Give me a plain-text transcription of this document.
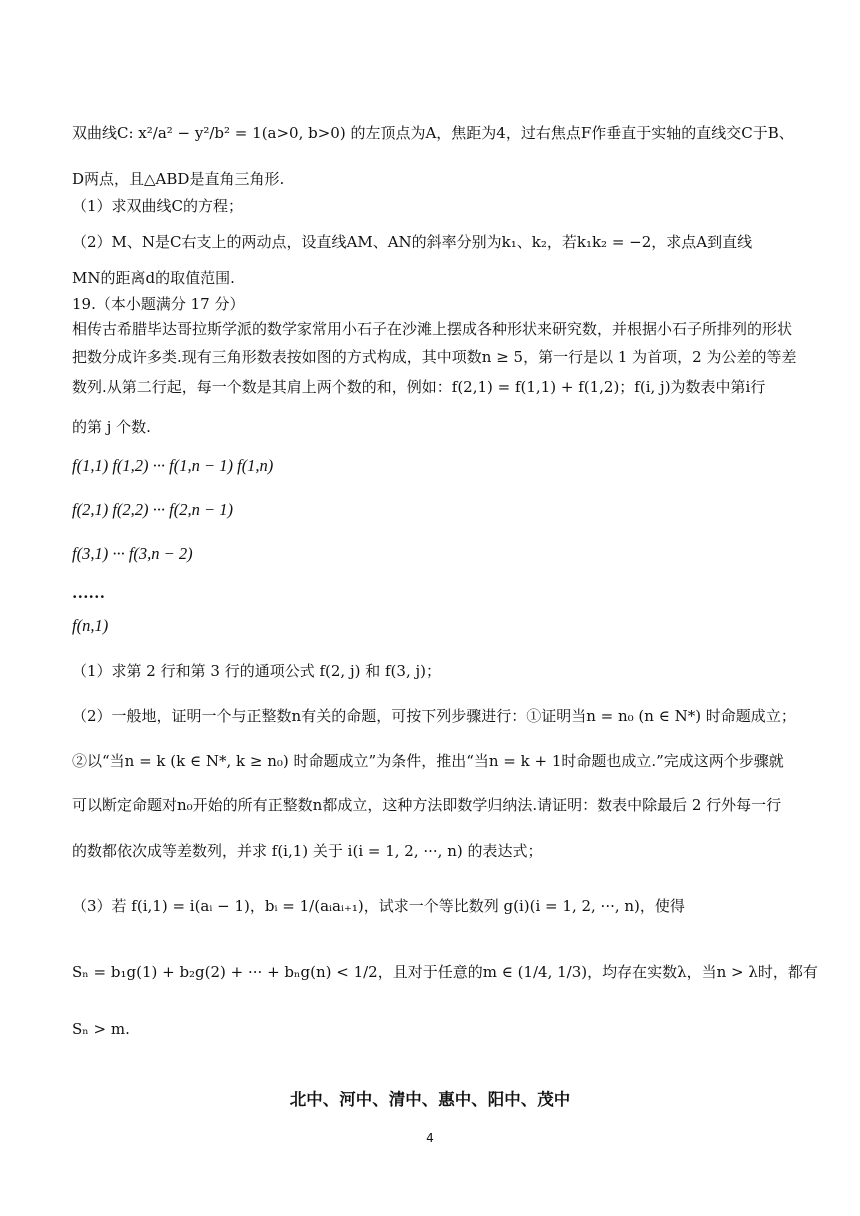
双曲线C: x²/a² − y²/b² = 1(a>0, b>0) 的左顶点为A，焦距为4，过右焦点F作垂直于实轴的直线交C于B、
D两点，且△ABD是直角三角形.
（1）求双曲线C的方程；
（2）M、N是C右支上的两动点，设直线AM、AN的斜率分别为k₁、k₂，若k₁k₂ = −2，求点A到直线
MN的距离d的取值范围.
19.（本小题满分 17 分）
相传古希腊毕达哥拉斯学派的数学家常用小石子在沙滩上摆成各种形状来研究数，并根据小石子所排列的形状
把数分成许多类.现有三角形数表按如图的方式构成，其中项数n ≥ 5，第一行是以 1 为首项，2 为公差的等差
数列.从第二行起，每一个数是其肩上两个数的和，例如：f(2,1) = f(1,1) + f(1,2)；f(i, j)为数表中第i行
的第 j 个数.
f(1,1) f(1,2) ··· f(1,n − 1) f(1,n)
f(2,1) f(2,2) ··· f(2,n − 1)
f(3,1) ··· f(3,n − 2)
……
f(n,1)
（1）求第 2 行和第 3 行的通项公式 f(2, j) 和 f(3, j)；
（2）一般地，证明一个与正整数n有关的命题，可按下列步骤进行：①证明当n = n₀ (n ∈ N*) 时命题成立；
②以“当n = k (k ∈ N*, k ≥ n₀) 时命题成立”为条件，推出“当n = k + 1时命题也成立.”完成这两个步骤就
可以断定命题对n₀开始的所有正整数n都成立，这种方法即数学归纳法.请证明：数表中除最后 2 行外每一行
的数都依次成等差数列，并求 f(i,1) 关于 i(i = 1, 2, ···, n) 的表达式；
（3）若 f(i,1) = i(aᵢ − 1)，bᵢ = 1/(aᵢaᵢ₊₁)，试求一个等比数列 g(i)(i = 1, 2, ···, n)，使得
Sₙ = b₁g(1) + b₂g(2) + ··· + bₙg(n) < 1/2，且对于任意的m ∈ (1/4, 1/3)，均存在实数λ，当n > λ时，都有
Sₙ > m.
北中、河中、清中、惠中、阳中、茂中
4
